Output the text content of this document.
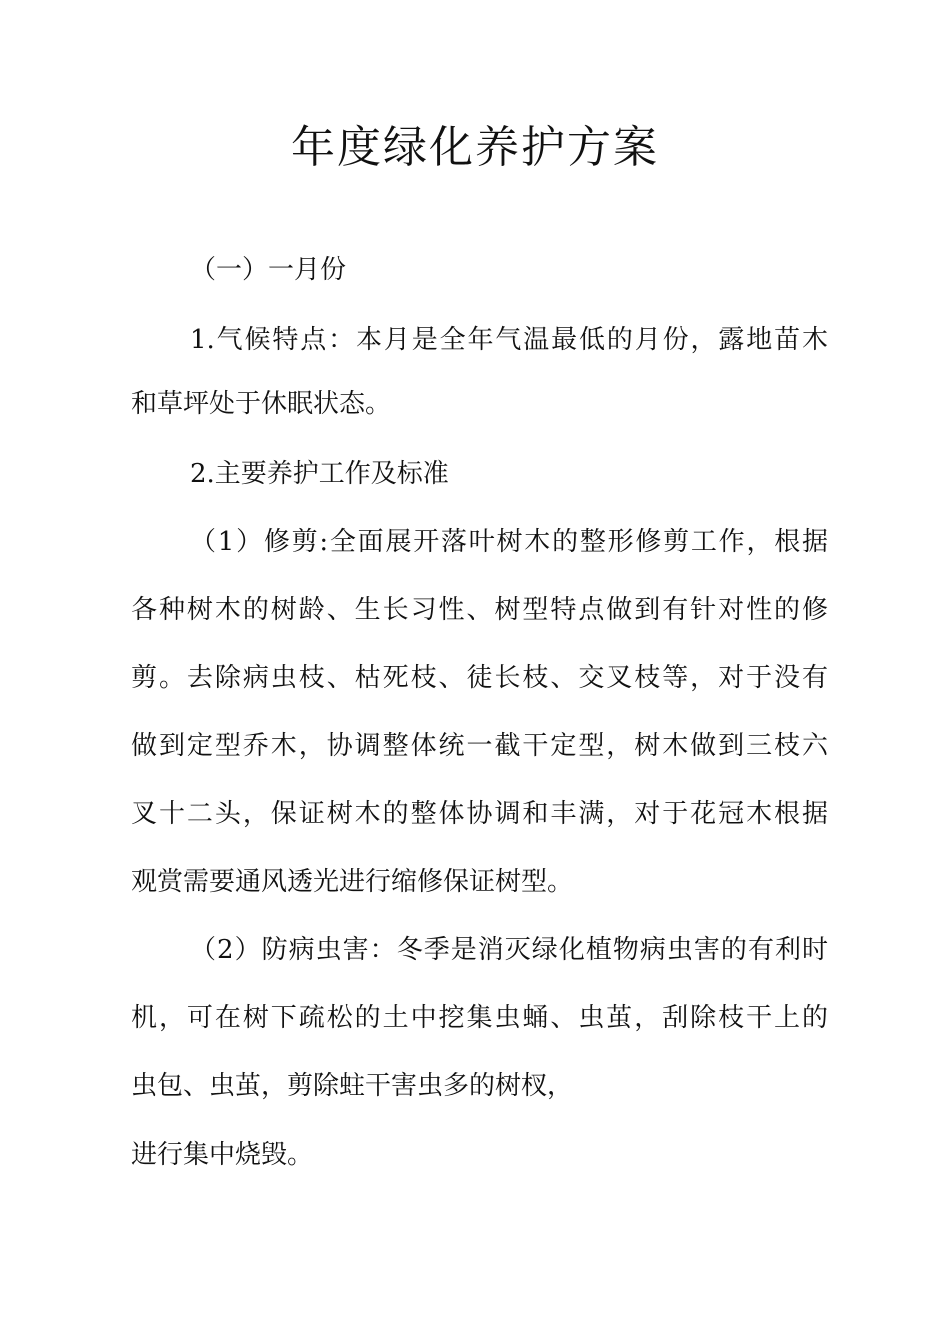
年度绿化养护方案

（一）一月份

1.气候特点：本月是全年气温最低的月份，露地苗木

和草坪处于休眠状态。

2.主要养护工作及标准

（1）修剪:全面展开落叶树木的整形修剪工作，根据

各种树木的树龄、生长习性、树型特点做到有针对性的修

剪。去除病虫枝、枯死枝、徒长枝、交叉枝等，对于没有

做到定型乔木，协调整体统一截干定型，树木做到三枝六

叉十二头，保证树木的整体协调和丰满，对于花冠木根据

观赏需要通风透光进行缩修保证树型。

（2）防病虫害：冬季是消灭绿化植物病虫害的有利时

机，可在树下疏松的土中挖集虫蛹、虫茧，刮除枝干上的

虫包、虫茧，剪除蛀干害虫多的树杈，

进行集中烧毁。
